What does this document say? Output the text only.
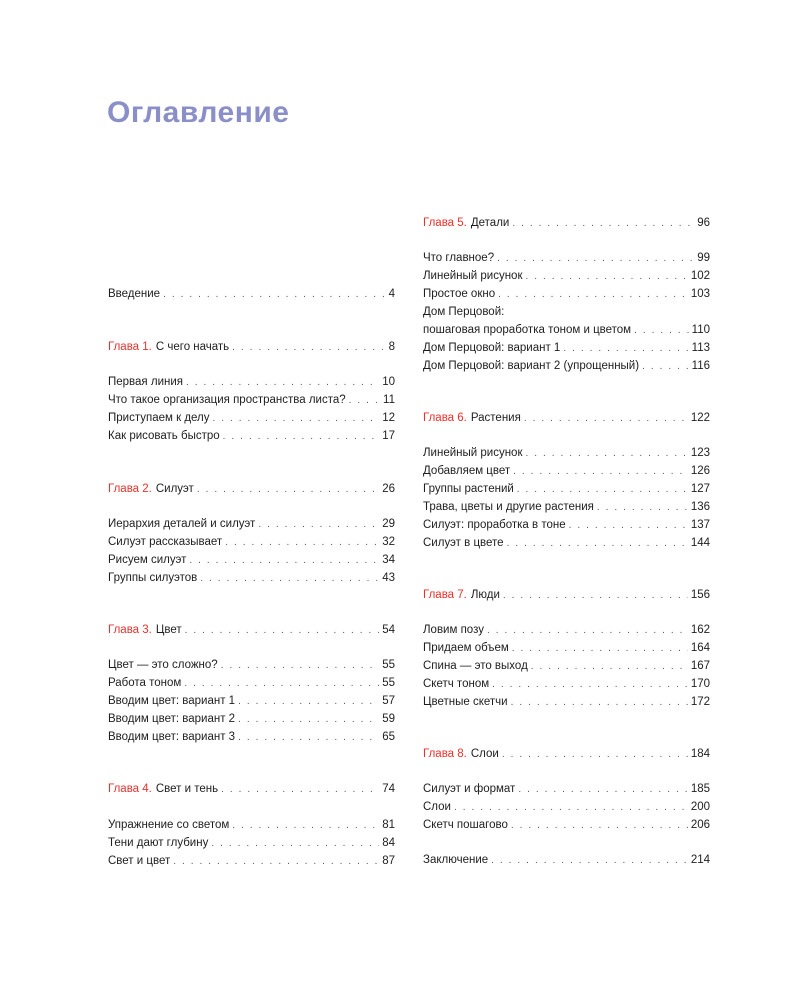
Оглавление
Введение . . .	4
Глава 1. С чего начать . . .	8
Первая линия . . .	10
Что такое организация пространства листа? . . .	11
Приступаем к делу . . .	12
Как рисовать быстро . . .	17
Глава 2. Силуэт . . .	26
Иерархия деталей и силуэт . . .	29
Силуэт рассказывает . . .	32
Рисуем силуэт . . .	34
Группы силуэтов . . .	43
Глава 3. Цвет . . .	54
Цвет — это сложно? . . .	55
Работа тоном . . .	55
Вводим цвет: вариант 1 . . .	57
Вводим цвет: вариант 2 . . .	59
Вводим цвет: вариант 3 . . .	65
Глава 4. Свет и тень . . .	74
Упражнение со светом . . .	81
Тени дают глубину . . .	84
Свет и цвет . . .	87
Глава 5. Детали . . .	96
Что главное? . . .	99
Линейный рисунок . . .	102
Простое окно . . .	103
Дом Перцовой:
пошаговая проработка тоном и цветом . . .	110
Дом Перцовой: вариант 1 . . .	113
Дом Перцовой: вариант 2 (упрощенный) . . .	116
Глава 6. Растения . . .	122
Линейный рисунок . . .	123
Добавляем цвет . . .	126
Группы растений . . .	127
Трава, цветы и другие растения . . .	136
Силуэт: проработка в тоне . . .	137
Силуэт в цвете . . .	144
Глава 7. Люди . . .	156
Ловим позу . . .	162
Придаем объем . . .	164
Спина — это выход . . .	167
Скетч тоном . . .	170
Цветные скетчи . . .	172
Глава 8. Слои . . .	184
Силуэт и формат . . .	185
Слои . . .	200
Скетч пошагово . . .	206
Заключение . . .	214
